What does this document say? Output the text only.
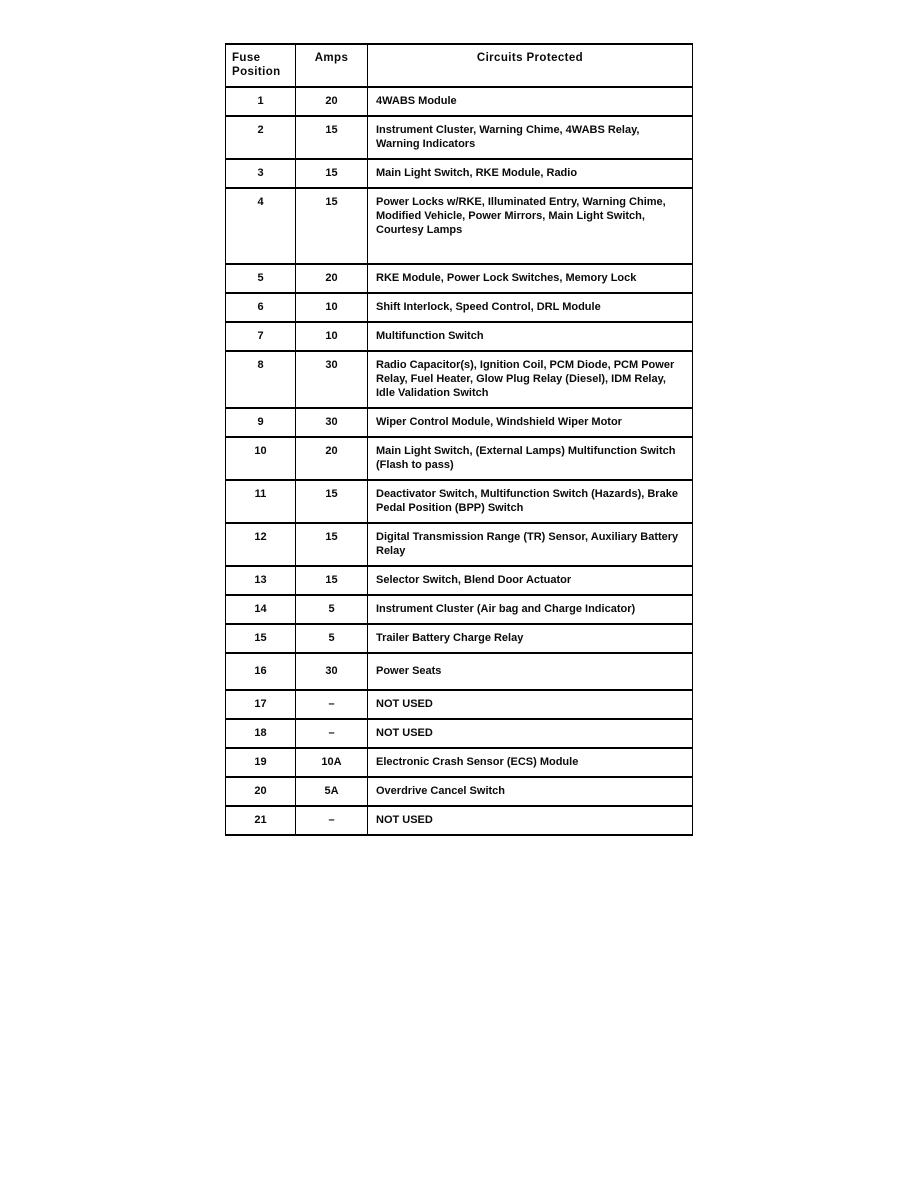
Fuse
Position	Amps	Circuits Protected
1	20	4WABS Module
2	15	Instrument Cluster, Warning Chime, 4WABS Relay, Warning Indicators
3	15	Main Light Switch, RKE Module, Radio
4	15	Power Locks w/RKE, Illuminated Entry, Warning Chime, Modified Vehicle, Power Mirrors, Main Light Switch, Courtesy Lamps
5	20	RKE Module, Power Lock Switches, Memory Lock
6	10	Shift Interlock, Speed Control, DRL Module
7	10	Multifunction Switch
8	30	Radio Capacitor(s), Ignition Coil, PCM Diode, PCM Power Relay, Fuel Heater, Glow Plug Relay (Diesel), IDM Relay, Idle Validation Switch
9	30	Wiper Control Module, Windshield Wiper Motor
10	20	Main Light Switch, (External Lamps) Multifunction Switch (Flash to pass)
11	15	Deactivator Switch, Multifunction Switch (Hazards), Brake Pedal Position (BPP) Switch
12	15	Digital Transmission Range (TR) Sensor, Auxiliary Battery Relay
13	15	Selector Switch, Blend Door Actuator
14	5	Instrument Cluster (Air bag and Charge Indicator)
15	5	Trailer Battery Charge Relay
16	30	Power Seats
17	–	NOT USED
18	–	NOT USED
19	10A	Electronic Crash Sensor (ECS) Module
20	5A	Overdrive Cancel Switch
21	–	NOT USED
